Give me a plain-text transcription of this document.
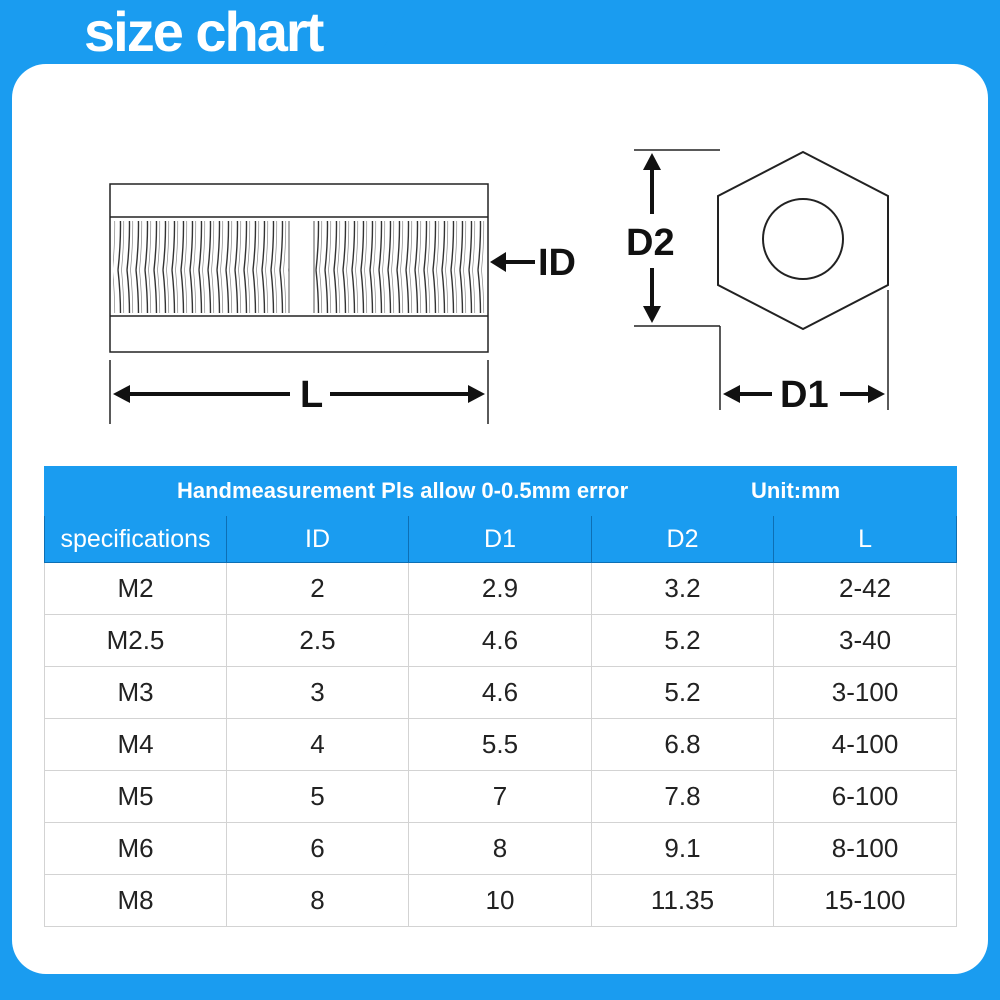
size chart
ID
L
D2
D1
Handmeasurement Pls allow 0-0.5mm error Unit:mm				

specifications	ID	D1	D2	L
M2	2	2.9	3.2	2-42
M2.5	2.5	4.6	5.2	3-40
M3	3	4.6	5.2	3-100
M4	4	5.5	6.8	4-100
M5	5	7	7.8	6-100
M6	6	8	9.1	8-100
M8	8	10	11.35	15-100
